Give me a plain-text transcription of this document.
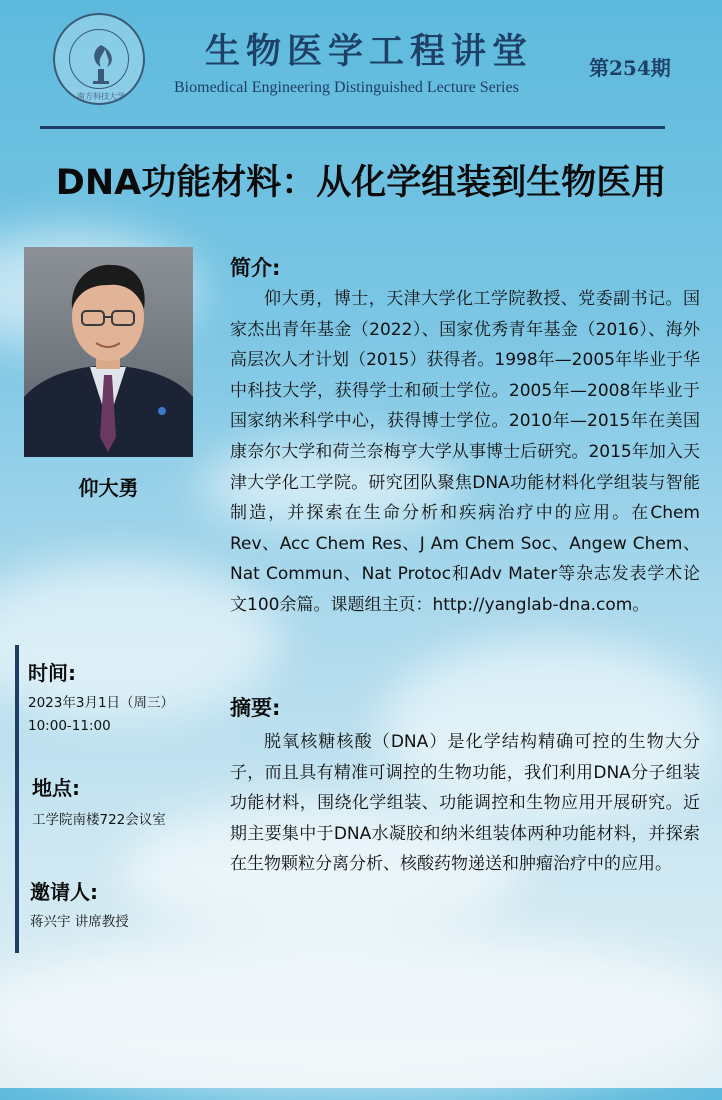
南方科技大学
生物医学工程讲堂
Biomedical Engineering Distinguished Lecture Series
第254期
DNA功能材料：从化学组装到生物医用
仰大勇
简介:

仰大勇，博士，天津大学化工学院教授、党委副书记。国家杰出青年基金（2022）、国家优秀青年基金（2016）、海外高层次人才计划（2015）获得者。1998年—2005年毕业于华中科技大学，获得学士和硕士学位。2005年—2008年毕业于国家纳米科学中心，获得博士学位。2010年—2015年在美国康奈尔大学和荷兰奈梅亨大学从事博士后研究。2015年加入天津大学化工学院。研究团队聚焦DNA功能材料化学组装与智能制造，并探索在生命分析和疾病治疗中的应用。在Chem Rev、Acc Chem Res、J Am Chem Soc、Angew Chem、Nat Commun、Nat Protoc和Adv Mater等杂志发表学术论文100余篇。课题组主页：http://yanglab-dna.com。

摘要:

脱氧核糖核酸（DNA）是化学结构精确可控的生物大分子，而且具有精准可调控的生物功能，我们利用DNA分子组装功能材料，围绕化学组装、功能调控和生物应用开展研究。近期主要集中于DNA水凝胶和纳米组装体两种功能材料，并探索在生物颗粒分离分析、核酸药物递送和肿瘤治疗中的应用。

时间:
2023年3月1日（周三）
10:00-11:00
地点:
工学院南楼722会议室
邀请人:
蒋兴宇 讲席教授
